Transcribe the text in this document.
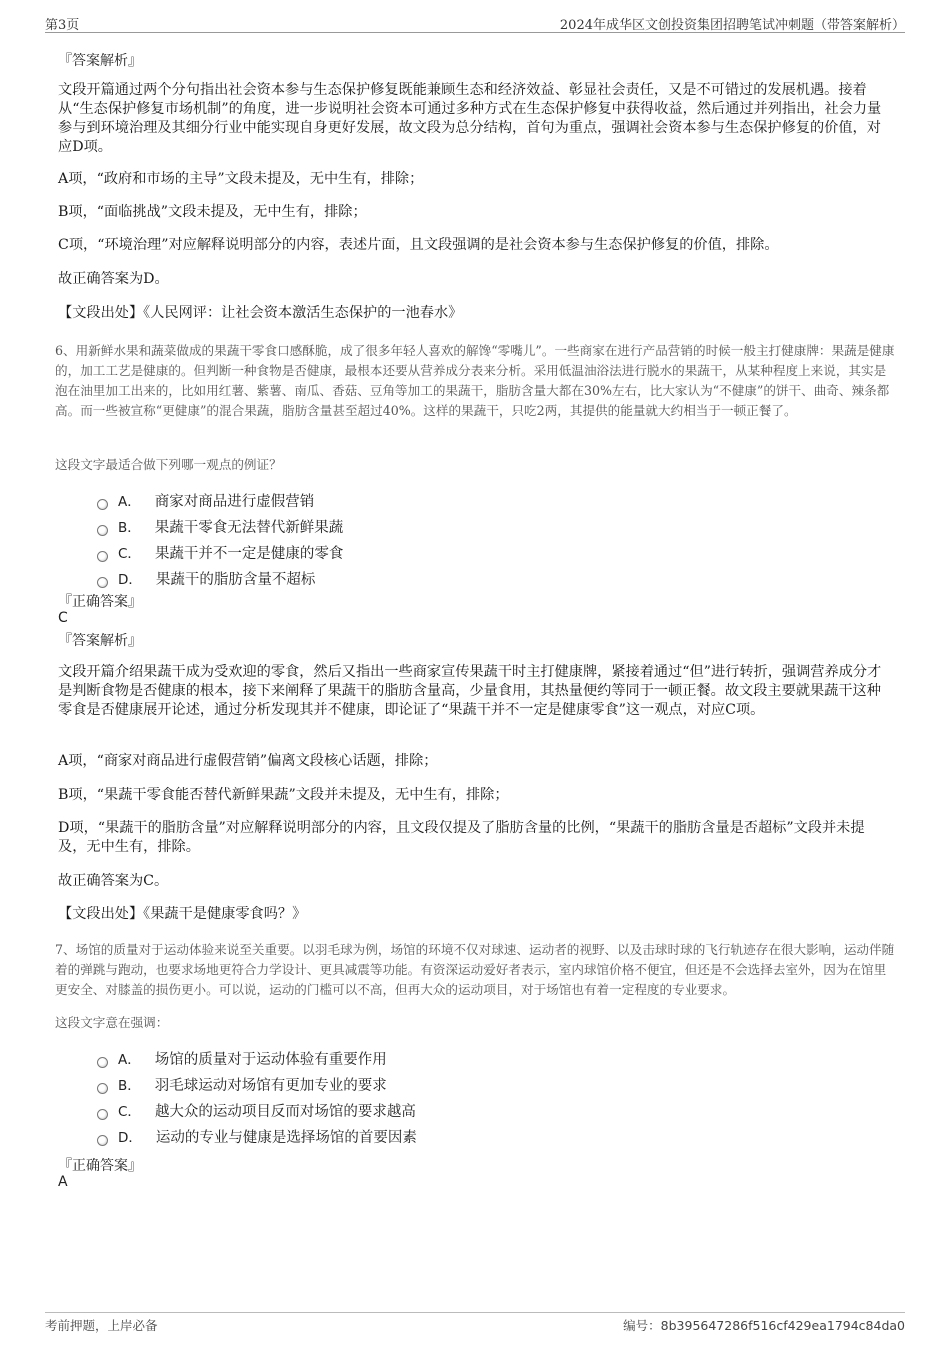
第3页	2024年成华区文创投资集团招聘笔试冲刺题（带答案解析）
『答案解析』

文段开篇通过两个分句指出社会资本参与生态保护修复既能兼顾生态和经济效益、彰显社会责任，又是不可错过的发展机遇。接着从“生态保护修复市场机制”的角度，进一步说明社会资本可通过多种方式在生态保护修复中获得收益，然后通过并列指出，社会力量参与到环境治理及其细分行业中能实现自身更好发展，故文段为总分结构，首句为重点，强调社会资本参与生态保护修复的价值，对应D项。

A项，“政府和市场的主导”文段未提及，无中生有，排除；

B项，“面临挑战”文段未提及，无中生有，排除；

C项，“环境治理”对应解释说明部分的内容，表述片面，且文段强调的是社会资本参与生态保护修复的价值，排除。

故正确答案为D。

【文段出处】《人民网评：让社会资本激活生态保护的一池春水》

6、用新鲜水果和蔬菜做成的果蔬干零食口感酥脆，成了很多年轻人喜欢的解馋“零嘴儿”。一些商家在进行产品营销的时候一般主打健康牌：果蔬是健康的，加工工艺是健康的。但判断一种食物是否健康，最根本还要从营养成分表来分析。采用低温油浴法进行脱水的果蔬干，从某种程度上来说，其实是泡在油里加工出来的，比如用红薯、紫薯、南瓜、香菇、豆角等加工的果蔬干，脂肪含量大都在30%左右，比大家认为“不健康”的饼干、曲奇、辣条都高。而一些被宣称“更健康”的混合果蔬，脂肪含量甚至超过40%。这样的果蔬干，只吃2两，其提供的能量就大约相当于一顿正餐了。

这段文字最适合做下列哪一观点的例证？

A． 商家对商品进行虚假营销
B． 果蔬干零食无法替代新鲜果蔬
C． 果蔬干并不一定是健康的零食
D． 果蔬干的脂肪含量不超标
『正确答案』
C
『答案解析』

文段开篇介绍果蔬干成为受欢迎的零食，然后又指出一些商家宣传果蔬干时主打健康牌，紧接着通过“但”进行转折，强调营养成分才是判断食物是否健康的根本，接下来阐释了果蔬干的脂肪含量高，少量食用，其热量便约等同于一顿正餐。故文段主要就果蔬干这种零食是否健康展开论述，通过分析发现其并不健康，即论证了“果蔬干并不一定是健康零食”这一观点，对应C项。

A项，“商家对商品进行虚假营销”偏离文段核心话题，排除；

B项，“果蔬干零食能否替代新鲜果蔬”文段并未提及，无中生有，排除；

D项，“果蔬干的脂肪含量”对应解释说明部分的内容，且文段仅提及了脂肪含量的比例，“果蔬干的脂肪含量是否超标”文段并未提及，无中生有，排除。

故正确答案为C。

【文段出处】《果蔬干是健康零食吗？》

7、场馆的质量对于运动体验来说至关重要。以羽毛球为例，场馆的环境不仅对球速、运动者的视野、以及击球时球的飞行轨迹存在很大影响，运动伴随着的弹跳与跑动，也要求场地更符合力学设计、更具减震等功能。有资深运动爱好者表示，室内球馆价格不便宜，但还是不会选择去室外，因为在馆里更安全、对膝盖的损伤更小。可以说，运动的门槛可以不高，但再大众的运动项目，对于场馆也有着一定程度的专业要求。

这段文字意在强调：

A． 场馆的质量对于运动体验有重要作用
B． 羽毛球运动对场馆有更加专业的要求
C． 越大众的运动项目反而对场馆的要求越高
D． 运动的专业与健康是选择场馆的首要因素
『正确答案』
A
考前押题，上岸必备	编号：8b395647286f516cf429ea1794c84da0
